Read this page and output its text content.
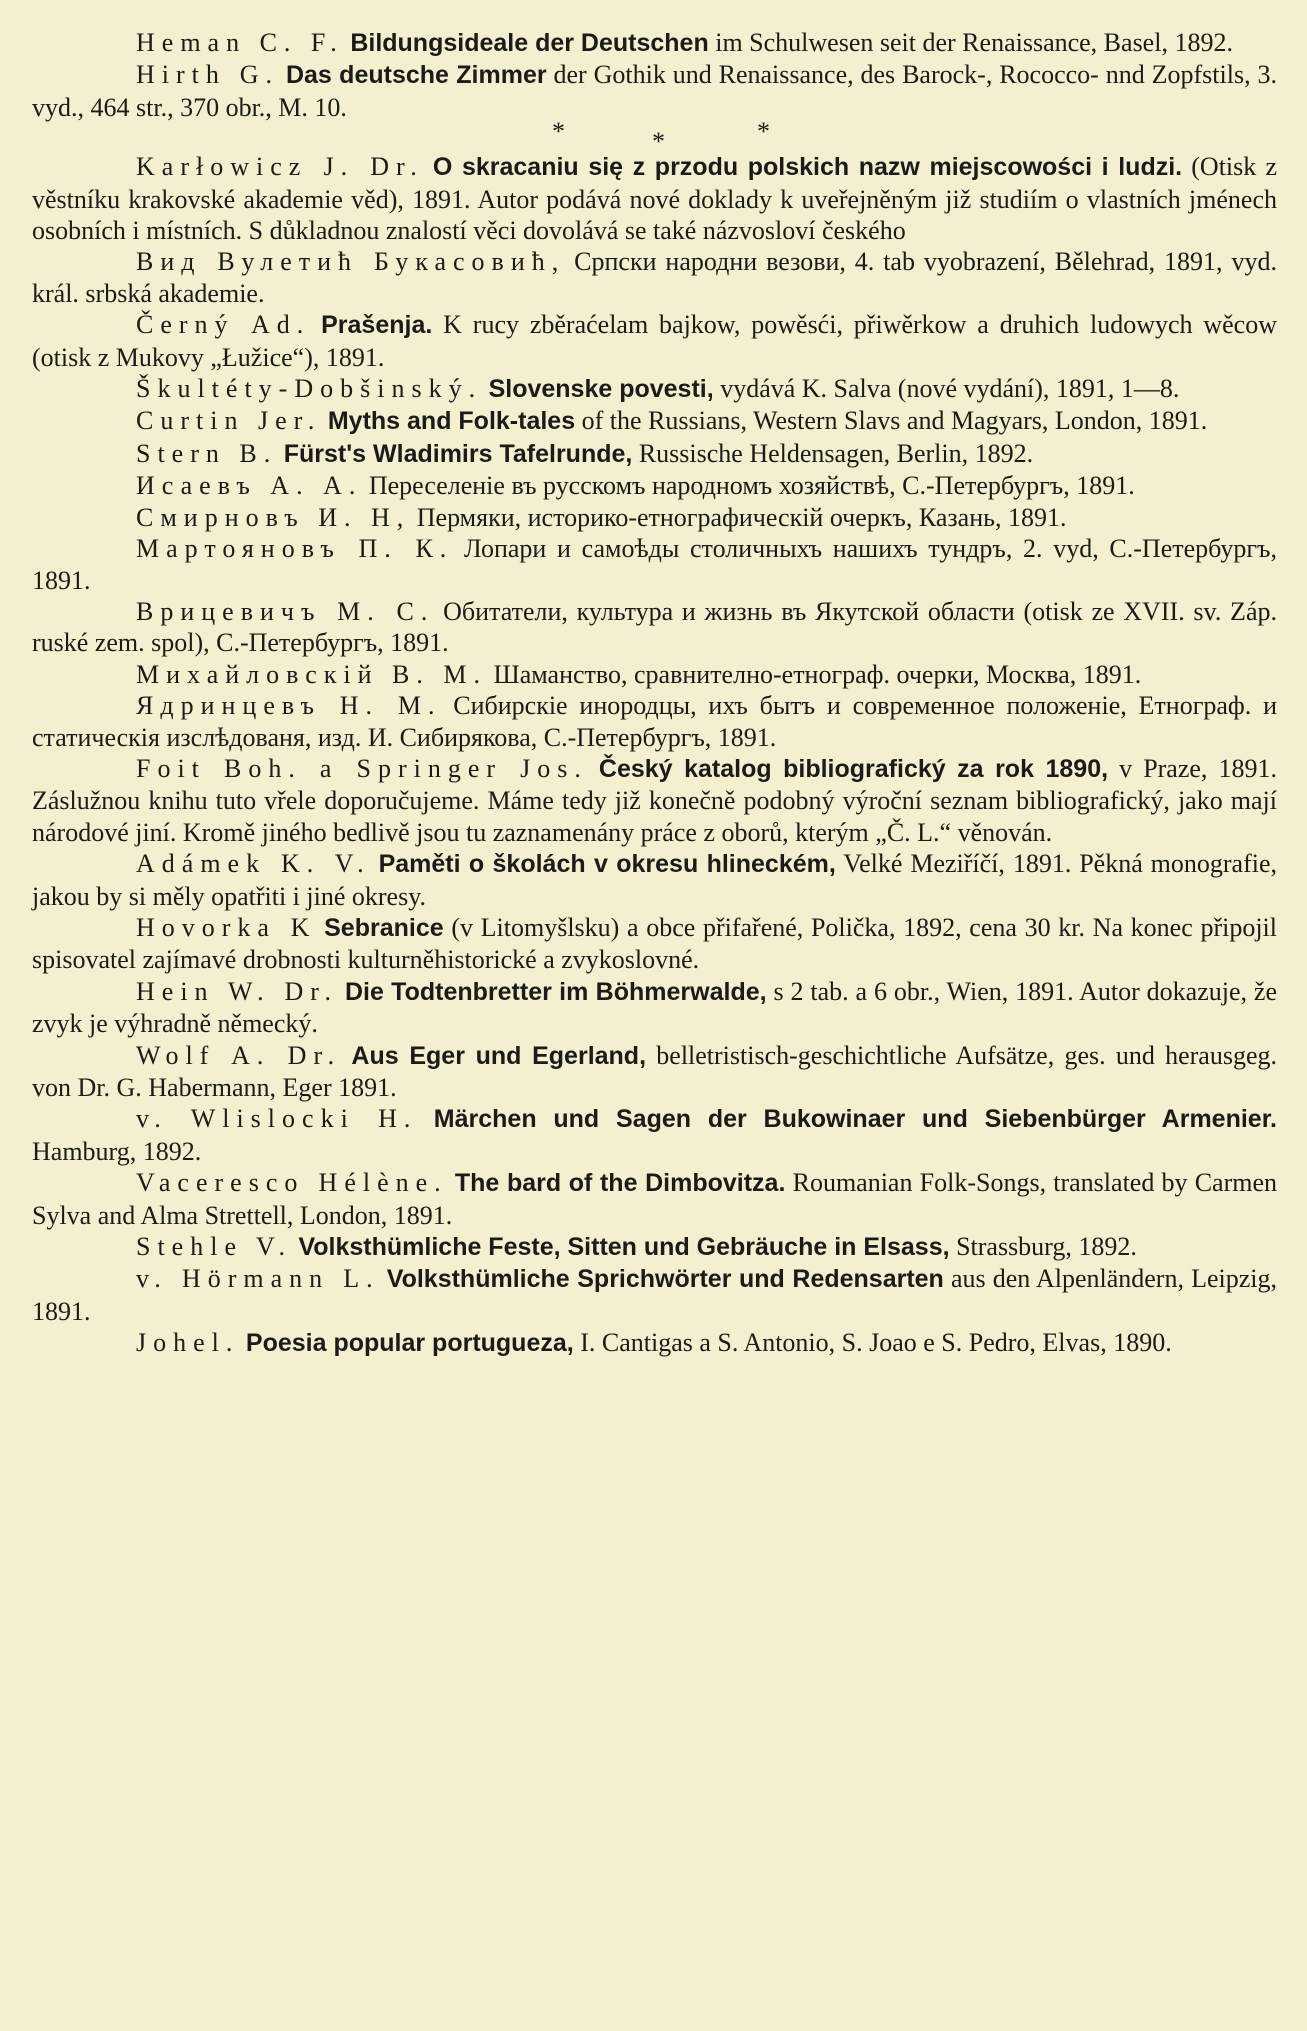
Heman C. F. Bildungsideale der Deutschen im Schulwesen seit der Renaissance, Basel, 1892.

Hirth G. Das deutsche Zimmer der Gothik und Renaissance, des Barock-, Rococco- nnd Zopfstils, 3. vyd., 464 str., 370 obr., M. 10.

*	*	*

Karłowicz J. Dr. O skracaniu się z przodu polskich nazw miejscowości i ludzi. (Otisk z věstníku krakovské akademie věd), 1891. Autor podává nové doklady k uveřejněným již studiím o vlastních jménech osobních i místních. S důkladnou znalostí věci dovolává se také názvosloví českého

Вид Вулетић Букасовић, Српски народни везови, 4. tab vyobrazení, Bělehrad, 1891, vyd. král. srbská akademie.

Černý Ad. Prašenja. K rucy zběraćelam bajkow, powěsći, přiwěrkow a druhich ludowych wěcow (otisk z Mukovy „Łužice“), 1891.

Škultéty-Dobšinský. Slovenske povesti, vydává K. Salva (nové vydání), 1891, 1—8.

Curtin Jer. Myths and Folk-tales of the Russians, Western Slavs and Magyars, London, 1891.

Stern B. Fürst's Wladimirs Tafelrunde, Russische Heldensagen, Berlin, 1892.

Исаевъ А. А. Переселенiе въ русскомъ народномъ хозяйствѣ, С.-Петербургъ, 1891.

Смирновъ И. Н, Пермяки, историко-етнографическiй очеркъ, Казань, 1891.

Мартояновъ П. К. Лопари и самоѣды столичныхъ нашихъ тундръ, 2. vyd, С.-Петербургъ, 1891.

Врицевичъ М. С. Обитатели, культура и жизнь въ Якутской области (otisk ze XVII. sv. Záp. ruské zem. spol), С.-Петербургъ, 1891.

Михайловскiй В. М. Шаманство, сравнително-етнограф. очерки, Москва, 1891.

Ядринцевъ Н. М. Сибирскiе инородцы, ихъ бытъ и современное положенiе, Етнограф. и статическiя изслѣдованя, изд. И. Сибирякова, С.-Петербургъ, 1891.

Foit Boh. a Springer Jos. Český katalog bibliografický za rok 1890, v Praze, 1891. Záslužnou knihu tuto vřele doporučujeme. Máme tedy již konečně podobný výroční seznam bibliografický, jako mají národové jiní. Kromě jiného bedlivě jsou tu zaznamenány práce z oborů, kterým „Č. L.“ věnován.

Adámek K. V. Paměti o školách v okresu hlineckém, Velké Meziříčí, 1891. Pěkná monografie, jakou by si měly opatřiti i jiné okresy.

Hovorka K Sebranice (v Litomyšlsku) a obce přifařené, Polička, 1892, cena 30 kr. Na konec připojil spisovatel zajímavé drobnosti kulturněhistorické a zvykoslovné.

Hein W. Dr. Die Todtenbretter im Böhmerwalde, s 2 tab. a 6 obr., Wien, 1891. Autor dokazuje, že zvyk je výhradně německý.

Wolf A. Dr. Aus Eger und Egerland, belletristisch-geschichtliche Aufsätze, ges. und herausgeg. von Dr. G. Habermann, Eger 1891.

v. Wlislocki H. Märchen und Sagen der Bukowinaer und Siebenbürger Armenier. Hamburg, 1892.

Vaceresco Hélène. The bard of the Dimbovitza. Roumanian Folk-Songs, translated by Carmen Sylva and Alma Strettell, London, 1891.

Stehle V. Volksthümliche Feste, Sitten und Gebräuche in Elsass, Strassburg, 1892.

v. Hörmann L. Volksthümliche Sprichwörter und Redensarten aus den Alpenländern, Leipzig, 1891.

Johel. Poesia popular portugueza, I. Cantigas a S. Antonio, S. Joao e S. Pedro, Elvas, 1890.
